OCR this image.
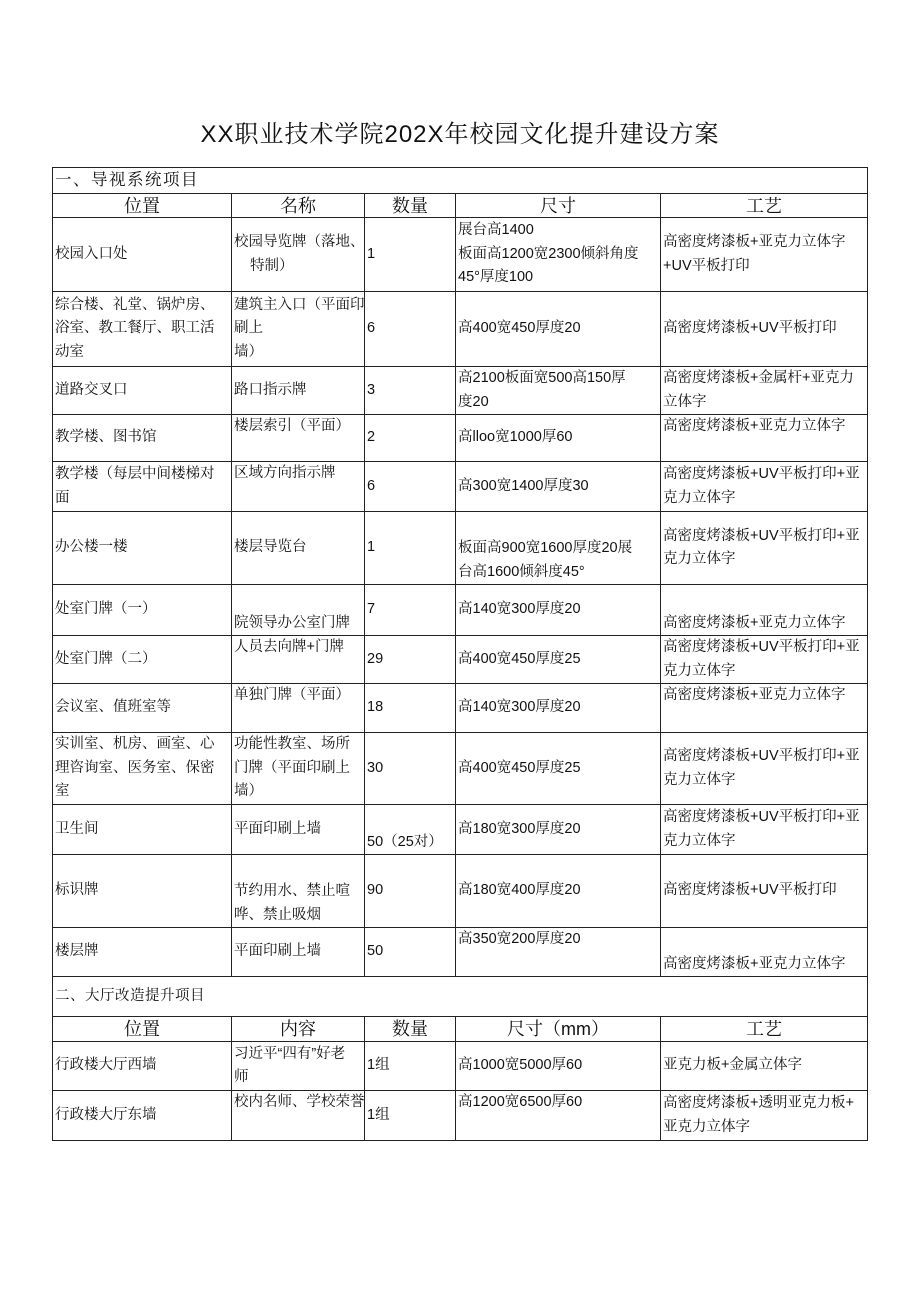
XX职业技术学院202X年校园文化提升建设方案
一、导视系统项目				
位置	名称	数量	尺寸	工艺
校园入口处	校园导览牌（落地、
特制）	1	展台高1400
板面高1200宽2300倾斜角度
45°厚度100	高密度烤漆板+亚克力立体字
+UV平板打印
综合楼、礼堂、锅炉房、
浴室、教工餐厅、职工活
动室	建筑主入口（平面印
刷上
墙）	6	高400宽450厚度20	高密度烤漆板+UV平板打印
道路交叉口	路口指示牌	3	高2100板面宽500高150厚
度20	高密度烤漆板+金属杆+亚克力
立体字
教学楼、图书馆	楼层索引（平面）	2	高lloo宽1000厚60	高密度烤漆板+亚克力立体字
教学楼（每层中间楼梯对
面	区域方向指示牌	6	高300宽1400厚度30	高密度烤漆板+UV平板打印+亚
克力立体字
办公楼一楼	楼层导览台	1	板面高900宽1600厚度20展
台高1600倾斜度45°	高密度烤漆板+UV平板打印+亚
克力立体字
处室门牌（一）	院领导办公室门牌	7	高140宽300厚度20	高密度烤漆板+亚克力立体字
处室门牌（二）	人员去向牌+门牌	29	高400宽450厚度25	高密度烤漆板+UV平板打印+亚
克力立体字
会议室、值班室等	单独门牌（平面）	18	高140宽300厚度20	高密度烤漆板+亚克力立体字
实训室、机房、画室、心
理咨询室、医务室、保密
室	功能性教室、场所
门牌（平面印刷上
墙）	30	高400宽450厚度25	高密度烤漆板+UV平板打印+亚
克力立体字
卫生间	平面印刷上墙	50（25对）	高180宽300厚度20	高密度烤漆板+UV平板打印+亚
克力立体字
标识牌	节约用水、禁止喧
哗、禁止吸烟	90	高180宽400厚度20	高密度烤漆板+UV平板打印
楼层牌	平面印刷上墙	50	高350宽200厚度20	高密度烤漆板+亚克力立体字
二、大厅改造提升项目				
位置	内容	数量	尺寸（mm）	工艺
行政楼大厅西墙	习近平“四有”好老
师	1组	高1000宽5000厚60	亚克力板+金属立体字
行政楼大厅东墙	校内名师、学校荣誉	1组	高1200宽6500厚60	高密度烤漆板+透明亚克力板+
亚克力立体字
